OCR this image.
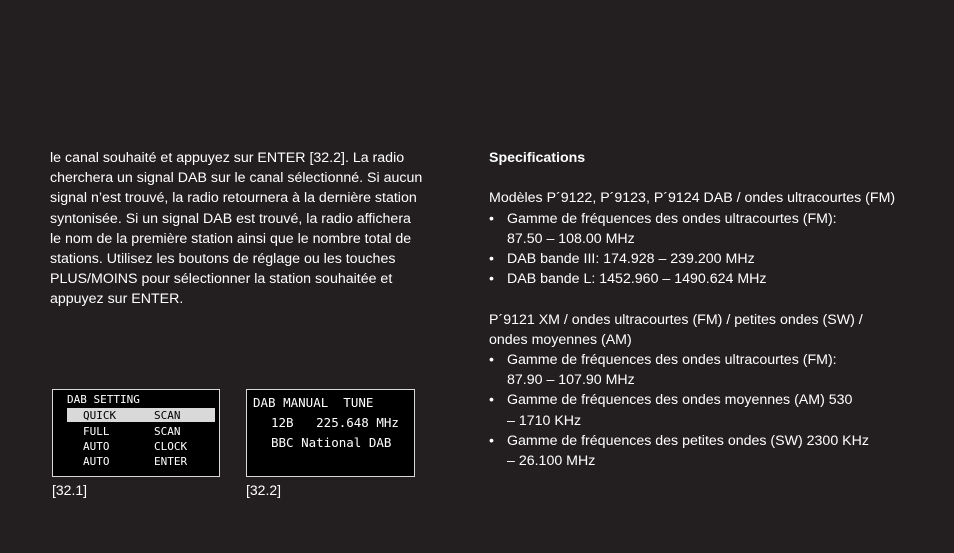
le canal souhaité et appuyez sur ENTER [32.2]. La radio
cherchera un signal DAB sur le canal sélectionné. Si aucun
signal n’est trouvé, la radio retournera à la dernière station
syntonisée. Si un signal DAB est trouvé, la radio affichera
le nom de la première station ainsi que le nombre total de
stations. Utilisez les boutons de réglage ou les touches
PLUS/MOINS pour sélectionner la station souhaitée et
appuyez sur ENTER.

Specifications

Modèles P´9122, P´9123, P´9124 DAB / ondes ultracourtes (FM)

• Gamme de fréquences des ondes ultracourtes (FM):
87.50 – 108.00 MHz
• DAB bande III: 174.928 – 239.200 MHz
• DAB bande L: 1452.960 – 1490.624 MHz
P´9121 XM / ondes ultracourtes (FM) / petites ondes (SW) /
ondes moyennes (AM)
• Gamme de fréquences des ondes ultracourtes (FM):
87.90 – 107.90 MHz
• Gamme de fréquences des ondes moyennes (AM) 530
– 1710 KHz
• Gamme de fréquences des petites ondes (SW) 2300 KHz
– 26.100 MHz
DAB SETTING
QUICK	SCAN
FULL	SCAN
AUTO	CLOCK
AUTO	ENTER
DAB MANUAL  TUNE
12B   225.648 MHz
BBC National DAB
[32.1]	[32.2]
